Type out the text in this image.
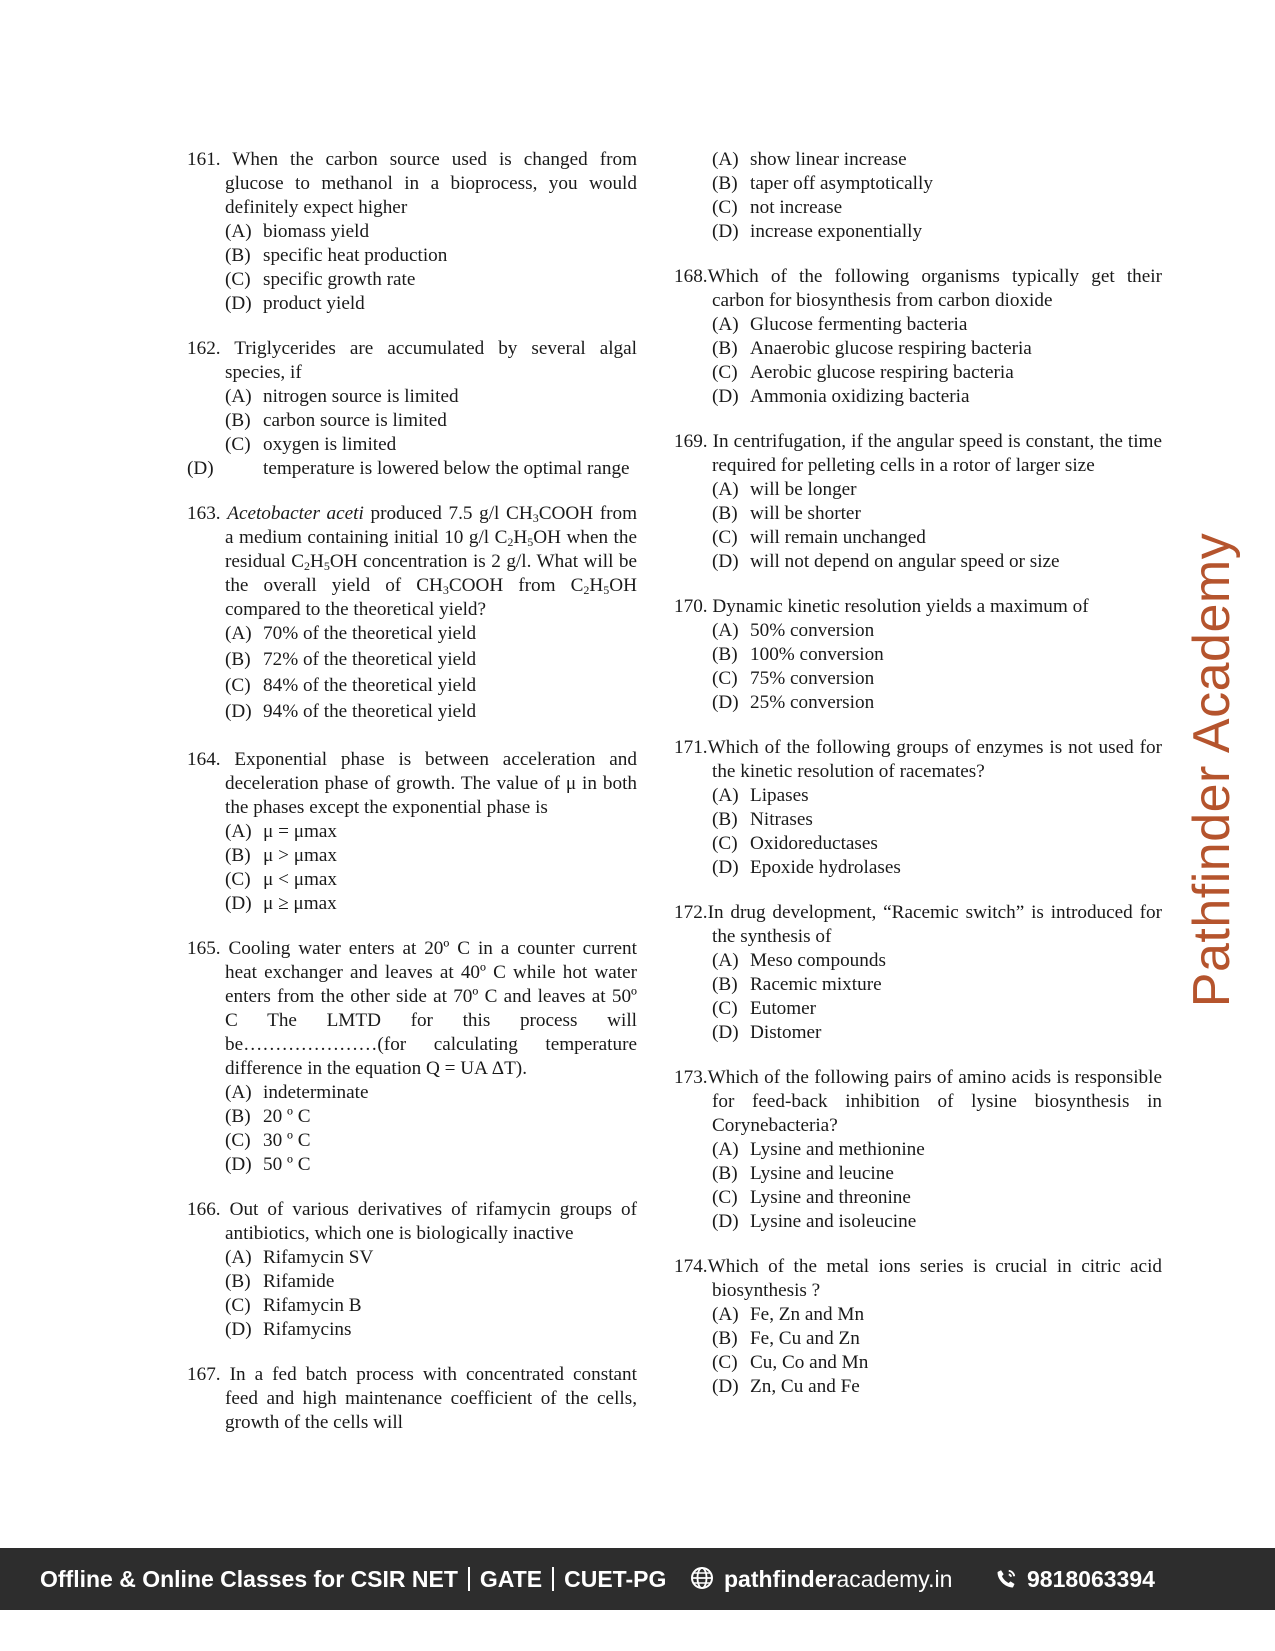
161. When the carbon source used is changed from glucose to methanol in a bioprocess, you would definitely expect higher
(A) biomass yield
(B) specific heat production
(C) specific growth rate
(D) product yield
162. Triglycerides are accumulated by several algal species, if
(A) nitrogen source is limited
(B) carbon source is limited
(C) oxygen is limited
(D)	temperature is lowered below the optimal range
163. Acetobacter aceti produced 7.5 g/l $CH_3COOH$ from a medium containing initial 10 g/l $C_2H_5OH$ when the residual $C_2H_5OH$ concentration is 2 g/l. What will be the overall yield of $CH_3COOH$ from $C_2H_5OH$ compared to the theoretical yield?
(A) 70% of the theoretical yield
(B) 72% of the theoretical yield
(C) 84% of the theoretical yield
(D) 94% of the theoretical yield
164. Exponential phase is between acceleration and deceleration phase of growth. The value of μ in both the phases except the exponential phase is
(A) μ = μmax
(B) μ > μmax
(C) μ < μmax
(D) μ ≥ μmax
165. Cooling water enters at 20º C in a counter current heat exchanger and leaves at 40º C while hot water enters from the other side at 70º C and leaves at 50º C The LMTD for this process will be…………………(for calculating temperature difference in the equation Q = UA ΔT).
(A) indeterminate
(B) 20 º C
(C) 30 º C
(D) 50 º C
166. Out of various derivatives of rifamycin groups of antibiotics, which one is biologically inactive
(A) Rifamycin SV
(B) Rifamide
(C) Rifamycin B
(D) Rifamycins
167. In a fed batch process with concentrated constant feed and high maintenance coefficient of the cells, growth of the cells will
(A) show linear increase
(B) taper off asymptotically
(C) not increase
(D) increase exponentially
168.Which of the following organisms typically get their carbon for biosynthesis from carbon dioxide
(A) Glucose fermenting bacteria
(B) Anaerobic glucose respiring bacteria
(C) Aerobic glucose respiring bacteria
(D) Ammonia oxidizing bacteria
169. In centrifugation, if the angular speed is constant, the time required for pelleting cells in a rotor of larger size
(A) will be longer
(B) will be shorter
(C) will remain unchanged
(D) will not depend on angular speed or size
170. Dynamic kinetic resolution yields a maximum of
(A) 50% conversion
(B) 100% conversion
(C) 75% conversion
(D) 25% conversion
171.Which of the following groups of enzymes is not used for the kinetic resolution of racemates?
(A) Lipases
(B) Nitrases
(C) Oxidoreductases
(D) Epoxide hydrolases
172.In drug development, “Racemic switch” is introduced for the synthesis of
(A) Meso compounds
(B) Racemic mixture
(C) Eutomer
(D) Distomer
173.Which of the following pairs of amino acids is responsible for feed-back inhibition of lysine biosynthesis in Corynebacteria?
(A) Lysine and methionine
(B) Lysine and leucine
(C) Lysine and threonine
(D) Lysine and isoleucine
174.Which of the metal ions series is crucial in citric acid biosynthesis ?
(A) Fe, Zn and Mn
(B) Fe, Cu and Zn
(C) Cu, Co and Mn
(D) Zn, Cu and Fe
Pathfinder Academy
Offline & Online Classes for CSIR NET GATE CUET-PG	pathfinderacademy.in	9818063394
